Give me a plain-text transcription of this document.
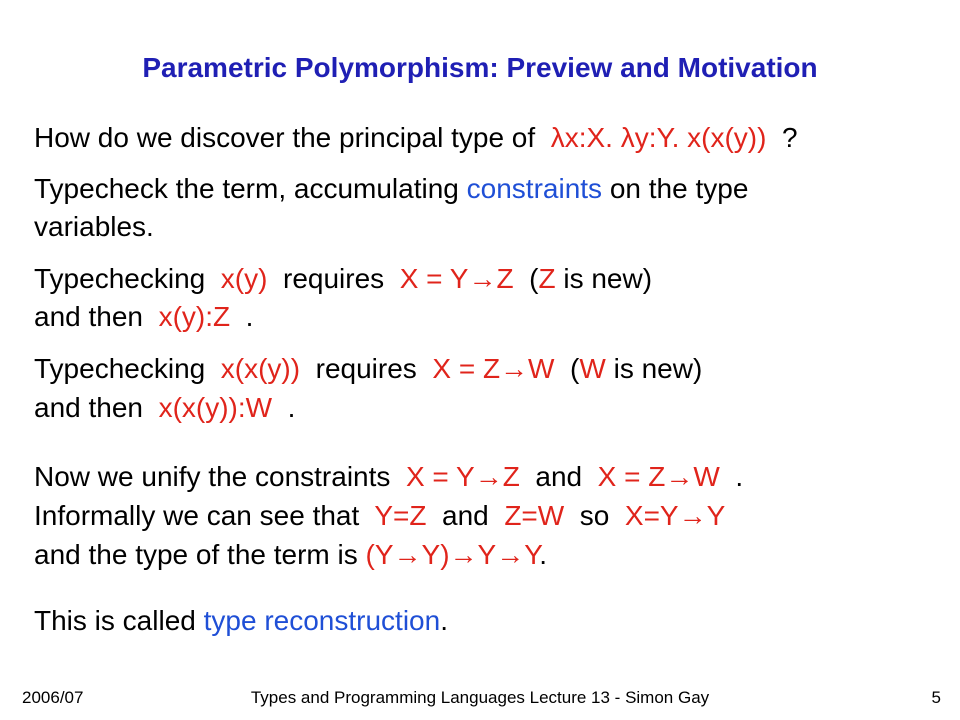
Parametric Polymorphism: Preview and Motivation
How do we discover the principal type of  λx:X. λy:Y. x(x(y))  ?
Typecheck the term, accumulating constraints on the type
variables.
Typechecking  x(y)  requires  X = Y→Z  (Z is new)
and then  x(y):Z  .
Typechecking  x(x(y))  requires  X = Z→W  (W is new)
and then  x(x(y)):W  .
Now we unify the constraints  X = Y→Z  and  X = Z→W  .
Informally we can see that  Y=Z  and  Z=W  so  X=Y→Y
and the type of the term is (Y→Y)→Y→Y.
This is called type reconstruction.
2006/07	Types and Programming Languages Lecture 13 - Simon Gay	5
